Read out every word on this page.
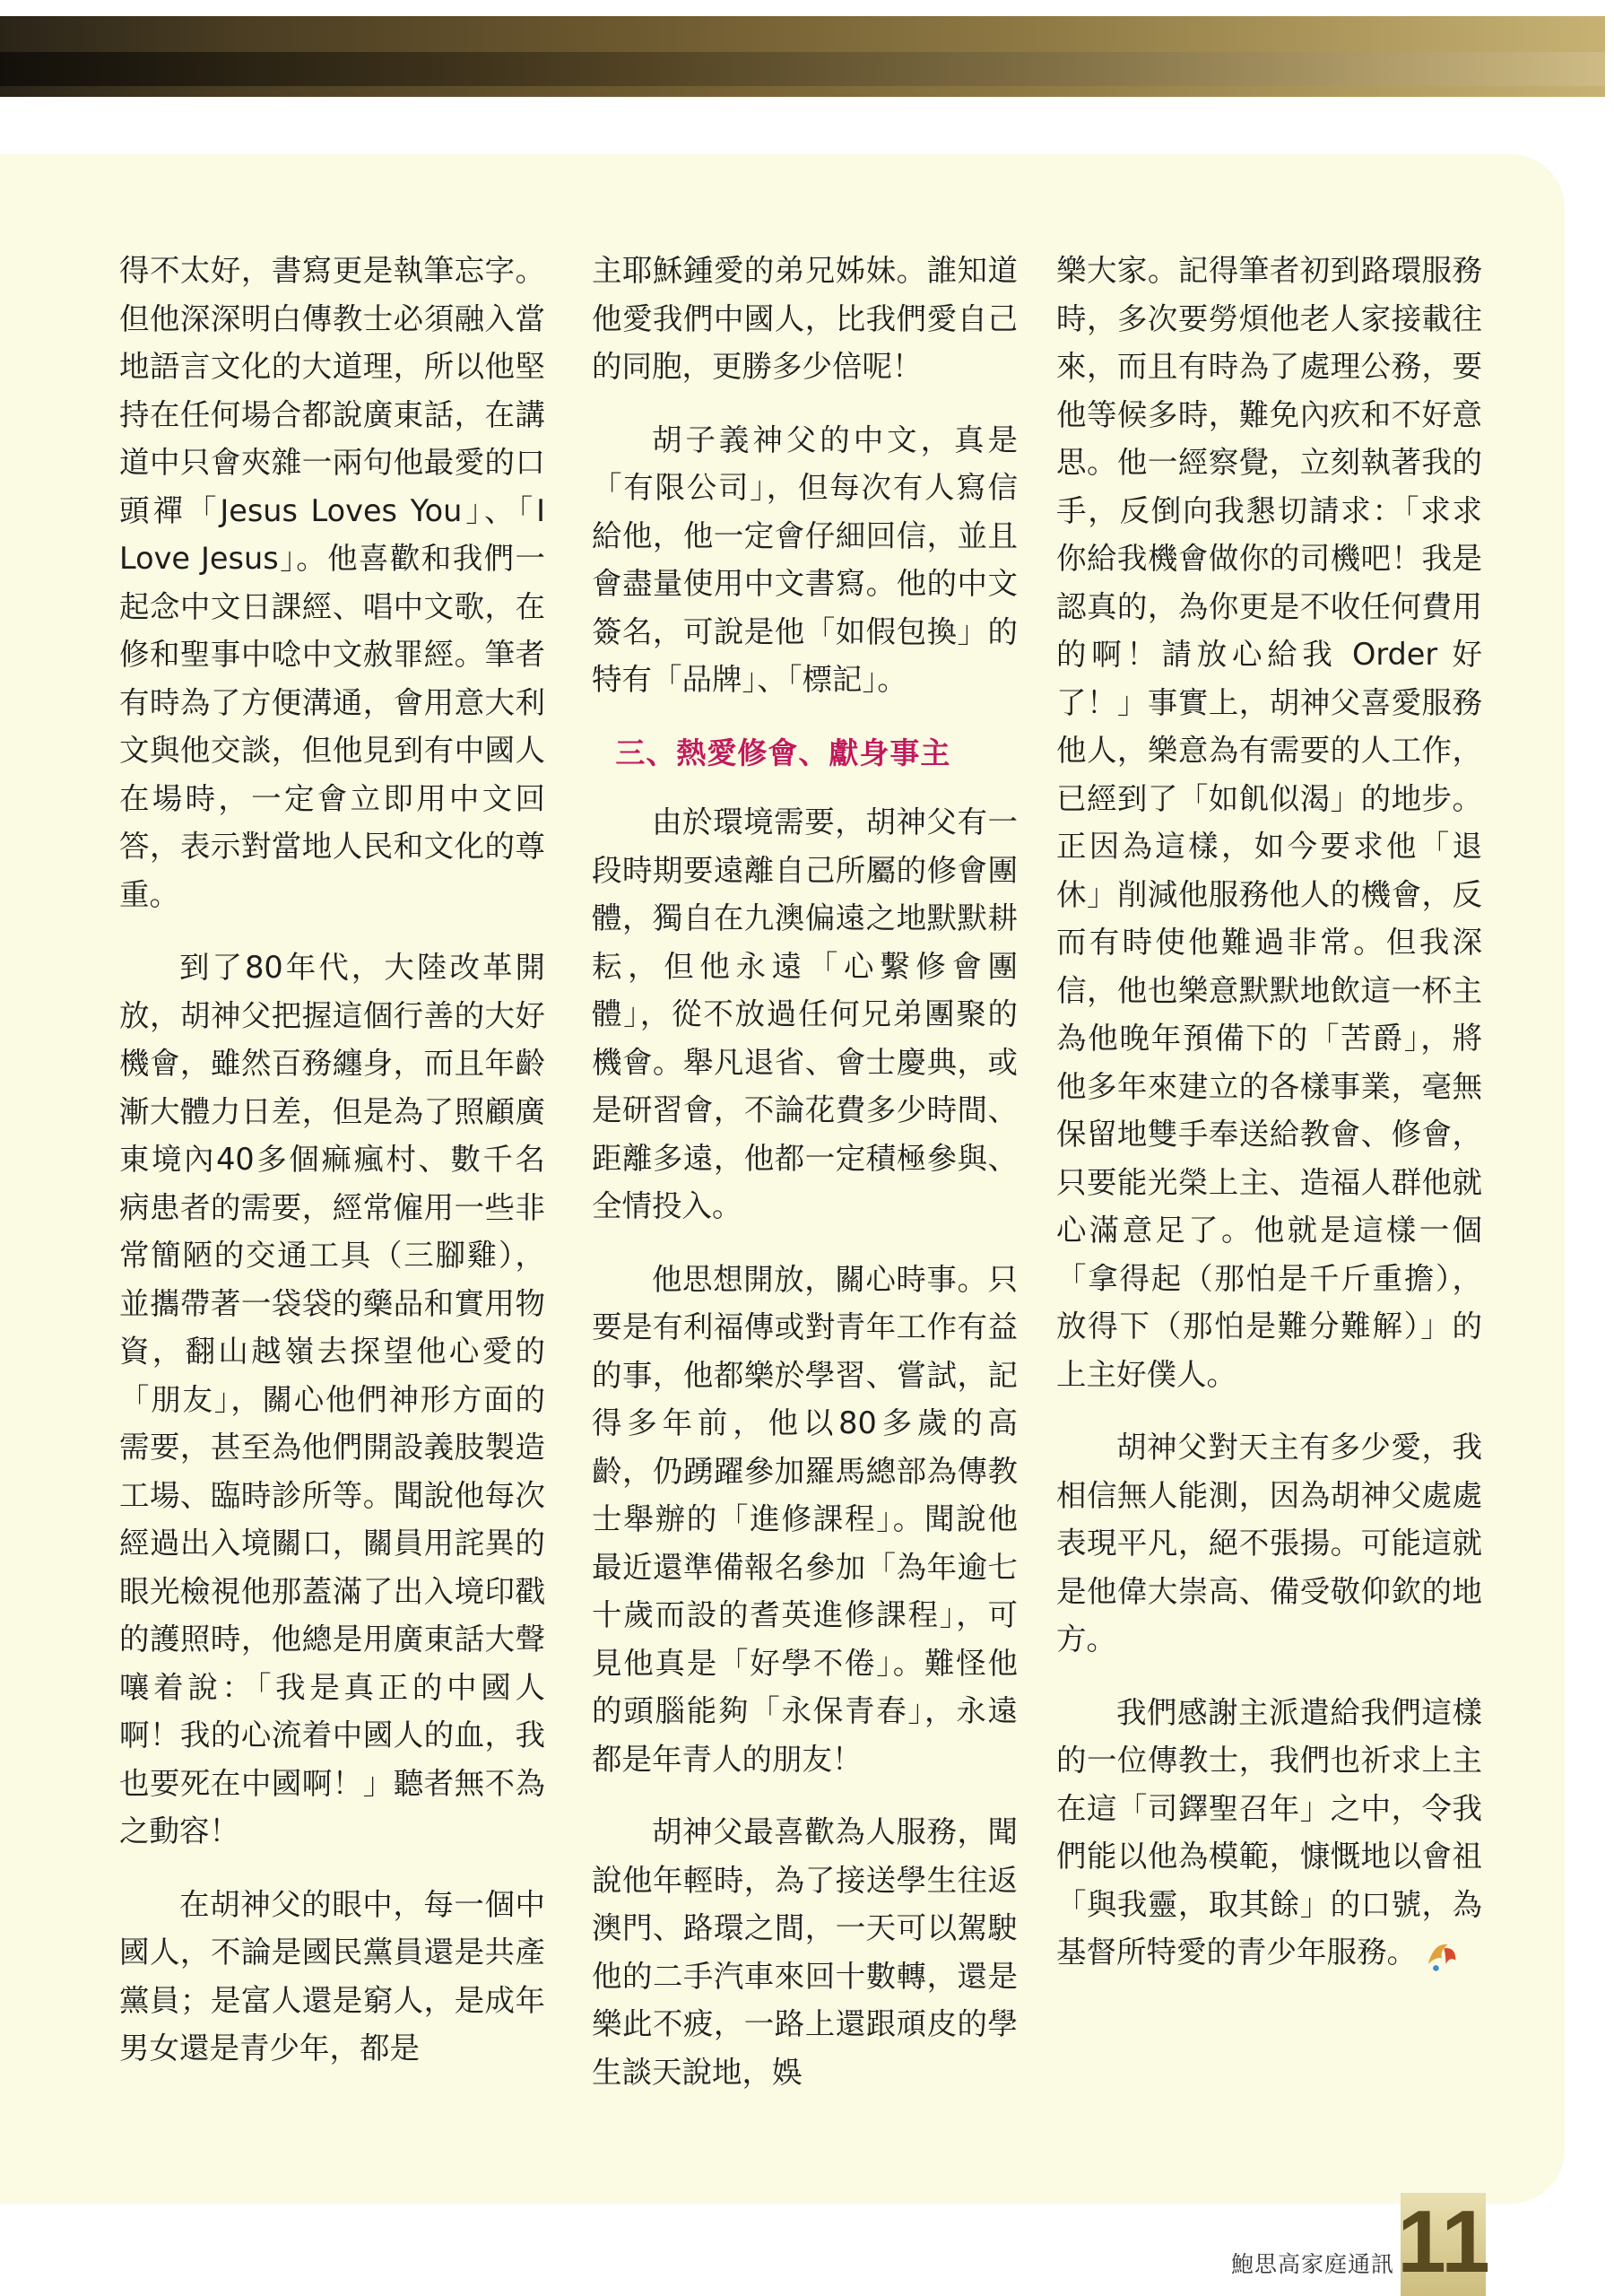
得不太好，書寫更是執筆忘字。但他深深明白傳教士必須融入當地語言文化的大道理，所以他堅持在任何場合都說廣東話，在講道中只會夾雜一兩句他最愛的口頭禪「Jesus Loves You」、「I Love Jesus」。他喜歡和我們一起念中文日課經、唱中文歌，在修和聖事中唸中文赦罪經。筆者有時為了方便溝通，會用意大利文與他交談，但他見到有中國人在場時，一定會立即用中文回答，表示對當地人民和文化的尊重。

到了80年代，大陸改革開放，胡神父把握這個行善的大好機會，雖然百務纏身，而且年齡漸大體力日差，但是為了照顧廣東境內40多個痲瘋村、數千名病患者的需要，經常僱用一些非常簡陋的交通工具（三腳雞），並攜帶著一袋袋的藥品和實用物資，翻山越嶺去探望他心愛的「朋友」，關心他們神形方面的需要，甚至為他們開設義肢製造工場、臨時診所等。聞說他每次經過出入境關口，關員用詫異的眼光檢視他那蓋滿了出入境印戳的護照時，他總是用廣東話大聲嚷着說：「我是真正的中國人啊！我的心流着中國人的血，我也要死在中國啊！」聽者無不為之動容！

在胡神父的眼中，每一個中國人，不論是國民黨員還是共產黨員；是富人還是窮人，是成年男女還是青少年，都是

主耶穌鍾愛的弟兄姊妹。誰知道他愛我們中國人，比我們愛自己的同胞，更勝多少倍呢！

胡子義神父的中文，真是「有限公司」，但每次有人寫信給他，他一定會仔細回信，並且會盡量使用中文書寫。他的中文簽名，可說是他「如假包換」的特有「品牌」、「標記」。

三、熱愛修會、獻身事主

由於環境需要，胡神父有一段時期要遠離自己所屬的修會團體，獨自在九澳偏遠之地默默耕耘，但他永遠「心繫修會團體」，從不放過任何兄弟團聚的機會。舉凡退省、會士慶典，或是研習會，不論花費多少時間、距離多遠，他都一定積極參與、全情投入。

他思想開放，關心時事。只要是有利福傳或對青年工作有益的事，他都樂於學習、嘗試，記得多年前，他以80多歲的高齡，仍踴躍參加羅馬總部為傳教士舉辦的「進修課程」。聞說他最近還準備報名參加「為年逾七十歲而設的耆英進修課程」，可見他真是「好學不倦」。難怪他的頭腦能夠「永保青春」，永遠都是年青人的朋友！

胡神父最喜歡為人服務，聞說他年輕時，為了接送學生往返澳門、路環之間，一天可以駕駛他的二手汽車來回十數轉，還是樂此不疲，一路上還跟頑皮的學生談天說地，娛

樂大家。記得筆者初到路環服務時，多次要勞煩他老人家接載往來，而且有時為了處理公務，要他等候多時，難免內疚和不好意思。他一經察覺，立刻執著我的手，反倒向我懇切請求：「求求你給我機會做你的司機吧！我是認真的，為你更是不收任何費用的啊！請放心給我 Order 好了！」事實上，胡神父喜愛服務他人，樂意為有需要的人工作，已經到了「如飢似渴」的地步。正因為這樣，如今要求他「退休」削減他服務他人的機會，反而有時使他難過非常。但我深信，他也樂意默默地飲這一杯主為他晚年預備下的「苦爵」，將他多年來建立的各樣事業，毫無保留地雙手奉送給教會、修會，只要能光榮上主、造福人群他就心滿意足了。他就是這樣一個「拿得起（那怕是千斤重擔），放得下（那怕是難分難解）」的上主好僕人。

胡神父對天主有多少愛，我相信無人能測，因為胡神父處處表現平凡，絕不張揚。可能這就是他偉大崇高、備受敬仰欽的地方。

我們感謝主派遣給我們這樣的一位傳教士，我們也祈求上主在這「司鐸聖召年」之中，令我們能以他為模範，慷慨地以會祖「與我靈，取其餘」的口號，為基督所特愛的青少年服務。

鮑思高家庭通訊 11
